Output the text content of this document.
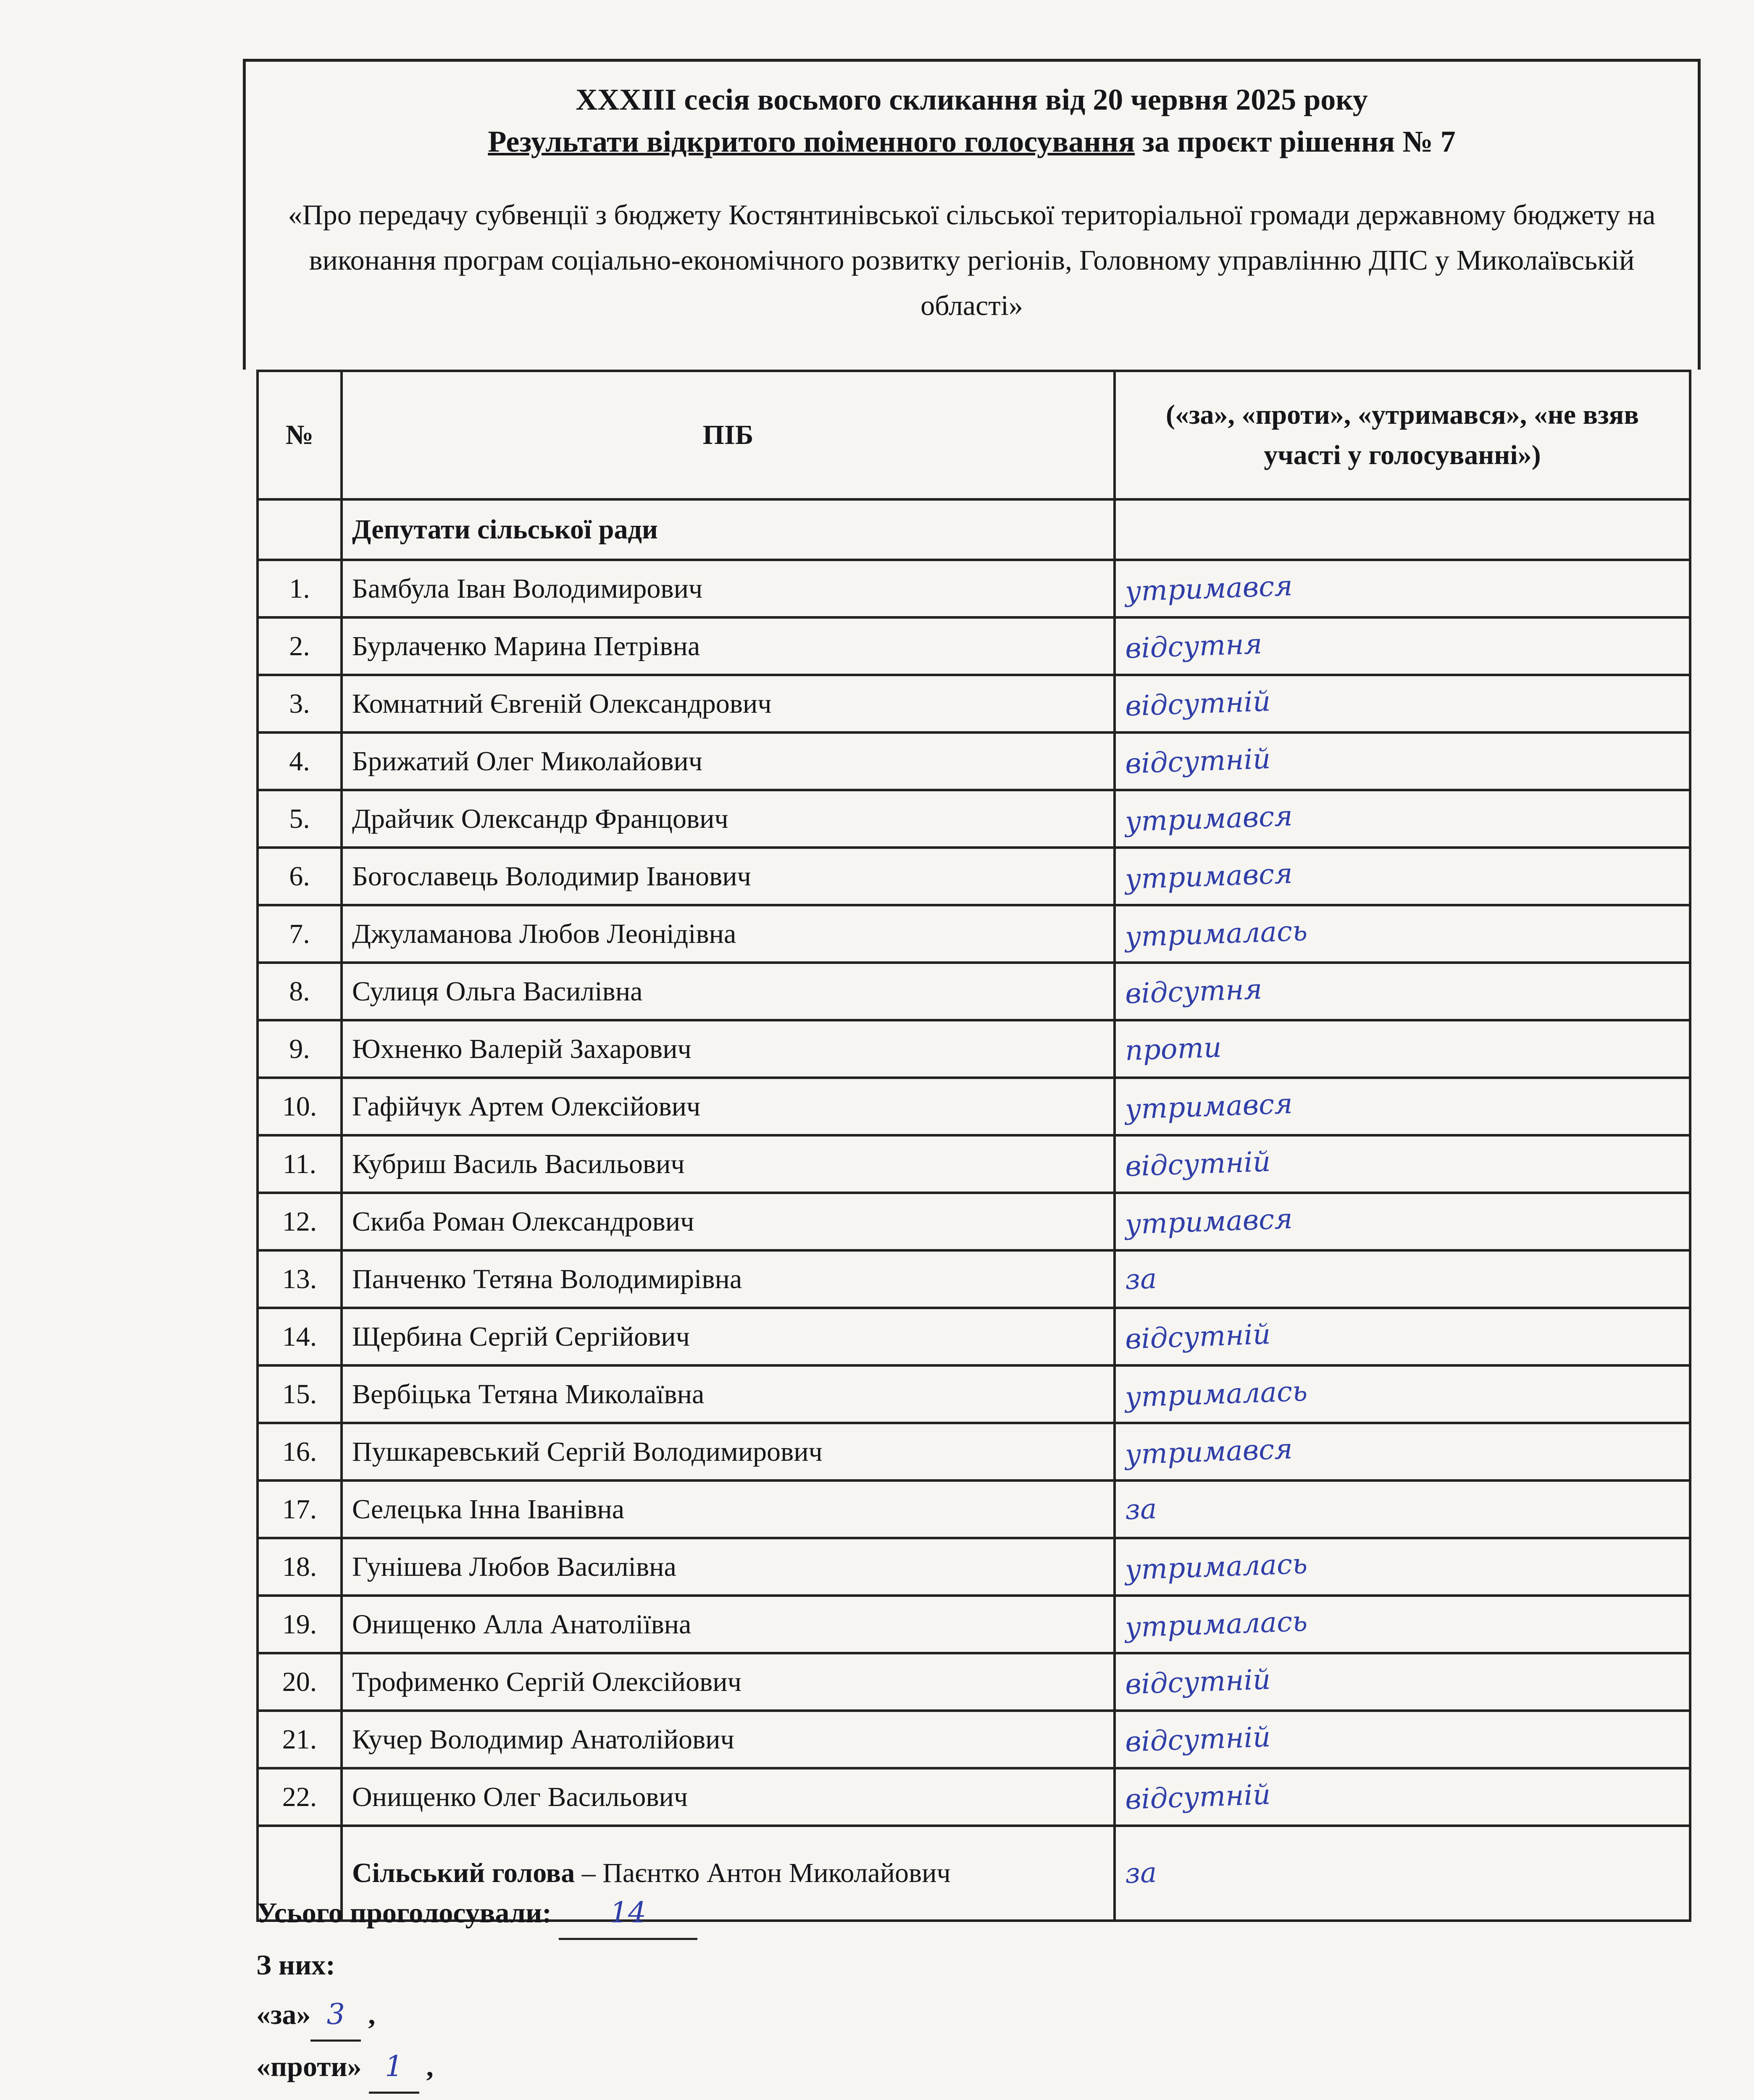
XXXIII сесія восьмого скликання від 20 червня 2025 року
Результати відкритого поіменного голосування за проєкт рішення № 7
«Про передачу субвенції з бюджету Костянтинівської сільської територіальної громади державному бюджету на виконання програм соціально-економічного розвитку регіонів, Головному управлінню ДПС у Миколаївській області»
№	ПІБ	(«за», «проти», «утримався», «не взяв участі у голосуванні»)
	Депутати сільської ради	
1.	Бамбула Іван Володимирович	утримався
2.	Бурлаченко Марина Петрівна	відсутня
3.	Комнатний Євгеній Олександрович	відсутній
4.	Брижатий Олег Миколайович	відсутній
5.	Драйчик Олександр Францович	утримався
6.	Богославець Володимир Іванович	утримався
7.	Джуламанова Любов Леонідівна	утрималась
8.	Сулиця Ольга Василівна	відсутня
9.	Юхненко Валерій Захарович	проти
10.	Гафійчук Артем Олексійович	утримався
11.	Кубриш Василь Васильович	відсутній
12.	Скиба Роман Олександрович	утримався
13.	Панченко Тетяна Володимирівна	за
14.	Щербина Сергій Сергійович	відсутній
15.	Вербіцька Тетяна Миколаївна	утрималась
16.	Пушкаревський Сергій Володимирович	утримався
17.	Селецька Інна Іванівна	за
18.	Гунішева Любов Василівна	утрималась
19.	Онищенко Алла Анатоліївна	утрималась
20.	Трофименко Сергій Олексійович	відсутній
21.	Кучер Володимир Анатолійович	відсутній
22.	Онищенко Олег Васильович	відсутній
	Сільський голова – Паєнтко Антон Миколайович	за
Усього проголосували: 14
З них:
«за» 3 ,
«проти» 1 ,
